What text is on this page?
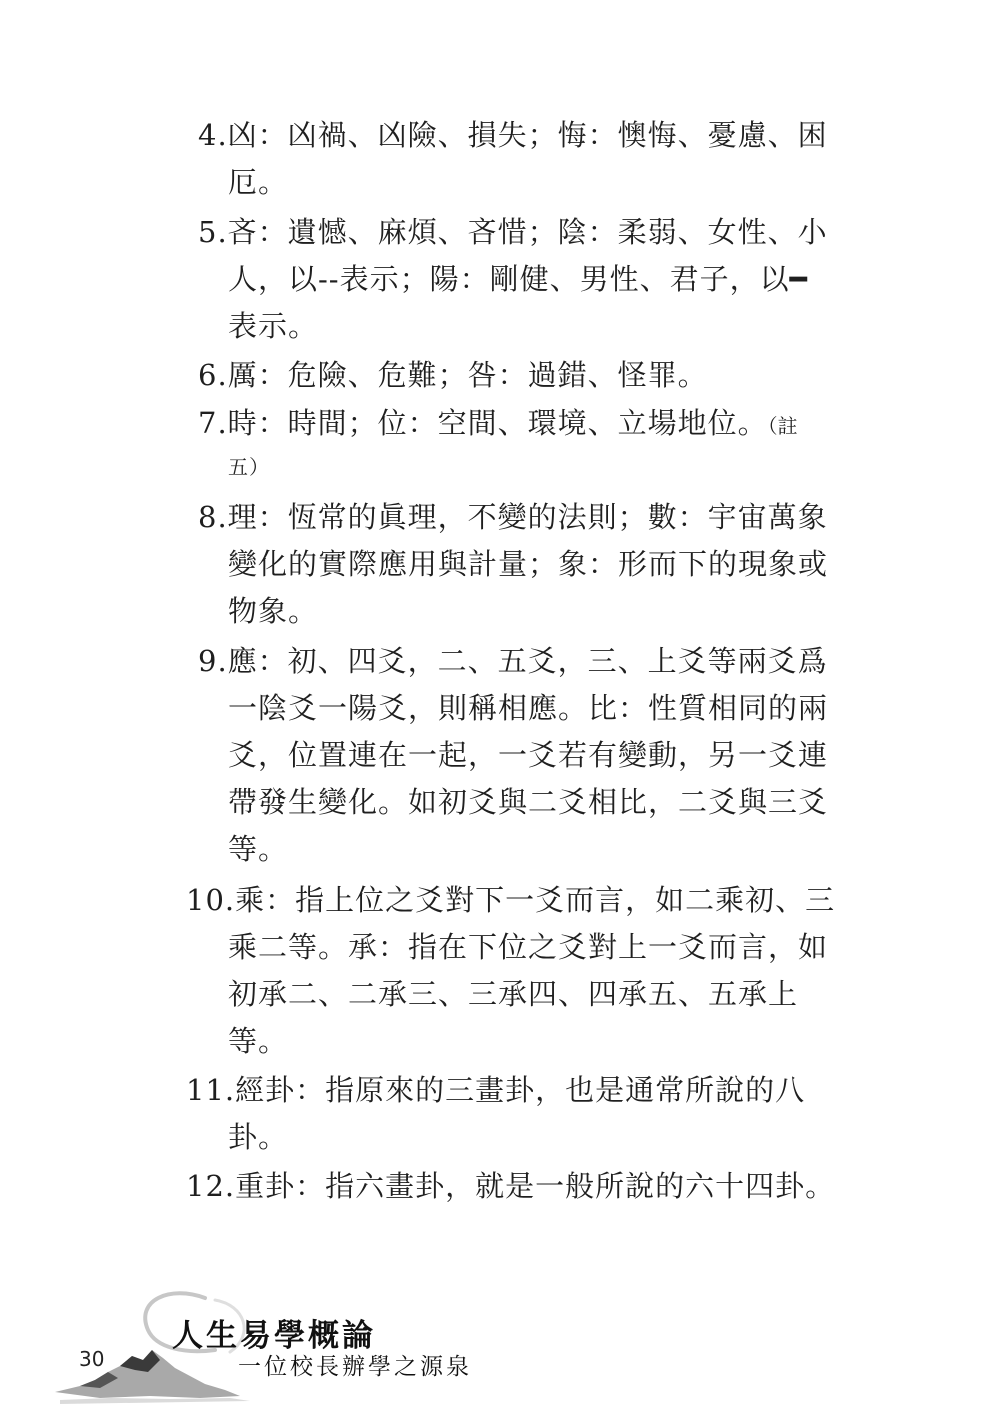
4.凶：凶禍、凶險、損失；悔：懊悔、憂慮、困
厄。
5.吝：遺憾、麻煩、吝惜；陰：柔弱、女性、小
人，以--表示；陽：剛健、男性、君子，以━
表示。
6.厲：危險、危難；咎：過錯、怪罪。
7.時：時間；位：空間、環境、立場地位。（註
五）
8.理：恆常的眞理，不變的法則；數：宇宙萬象
變化的實際應用與計量；象：形而下的現象或
物象。
9.應：初、四爻，二、五爻，三、上爻等兩爻爲
一陰爻一陽爻，則稱相應。比：性質相同的兩
爻，位置連在一起，一爻若有變動，另一爻連
帶發生變化。如初爻與二爻相比，二爻與三爻
等。
10.乘：指上位之爻對下一爻而言，如二乘初、三
乘二等。承：指在下位之爻對上一爻而言，如
初承二、二承三、三承四、四承五、五承上
等。
11.經卦：指原來的三畫卦，也是通常所說的八
卦。
12.重卦：指六畫卦，就是一般所說的六十四卦。
30
人生易學概論
一位校長辦學之源泉
